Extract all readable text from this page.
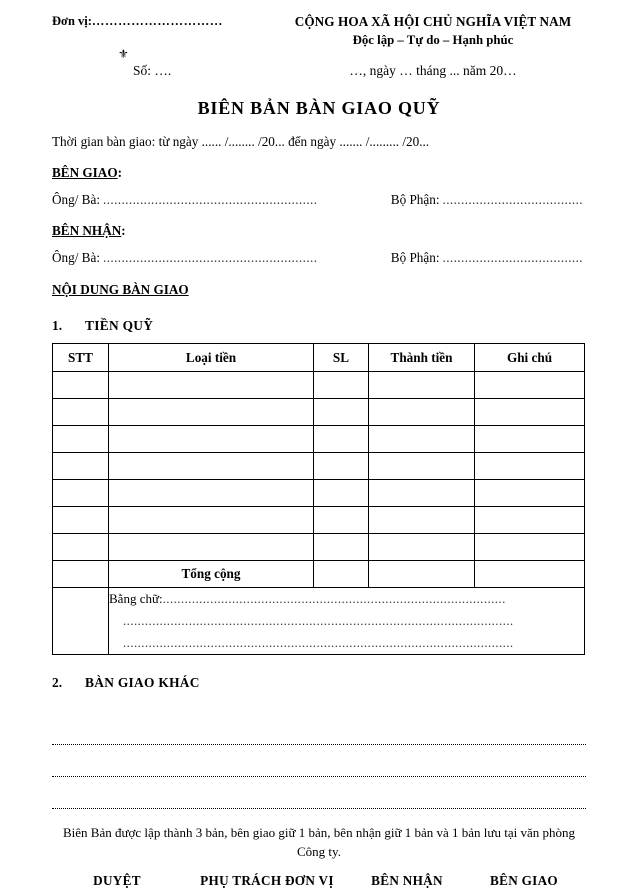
Đơn vị:…………………………
⚜
Số: ….
CỘNG HOA XÃ HỘI CHỦ NGHĨA VIỆT NAM
Độc lập – Tự do – Hạnh phúc
…, ngày … tháng ... năm 20…
BIÊN BẢN BÀN GIAO QUỸ
Thời gian bàn giao: từ ngày ...... /........ /20... đến ngày ....... /......... /20...
BÊN GIAO:
Ông/ Bà: ..........................................................	Bộ Phận: ......................................
BÊN NHẬN:
Ông/ Bà: ..........................................................	Bộ Phận: ......................................
NỘI DUNG BÀN GIAO
1.	TIỀN QUỸ
STT	Loại tiền	SL	Thành tiền	Ghi chú

	Tổng cộng			

	Bằng chữ:..............................................................................................
...........................................................................................................
...........................................................................................................			
2.	BÀN GIAO KHÁC
Biên Bản được lập thành 3 bản, bên giao giữ 1 bản, bên nhận giữ 1 bản và 1 bản lưu tại văn phòng Công ty.
DUYỆT	PHỤ TRÁCH ĐƠN VỊ	BÊN NHẬN	BÊN GIAO
